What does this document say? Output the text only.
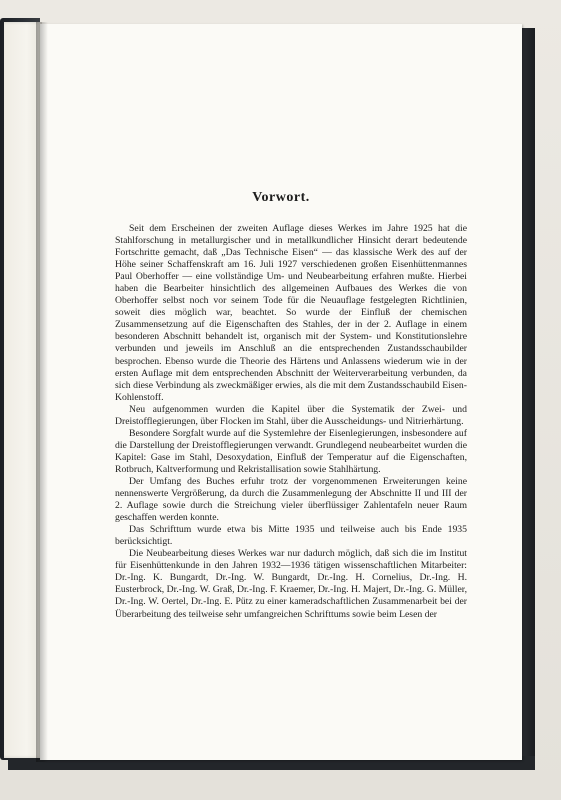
Vorwort.

Seit dem Erscheinen der zweiten Auflage dieses Werkes im Jahre 1925 hat die Stahlforschung in metallurgischer und in metallkundlicher Hinsicht derart bedeutende Fortschritte gemacht, daß „Das Technische Eisen“ — das klassische Werk des auf der Höhe seiner Schaffenskraft am 16. Juli 1927 verschiedenen großen Eisenhüttenmannes Paul Oberhoffer — eine vollständige Um- und Neubearbeitung erfahren mußte. Hierbei haben die Bearbeiter hinsichtlich des allgemeinen Aufbaues des Werkes die von Oberhoffer selbst noch vor seinem Tode für die Neuauflage festgelegten Richtlinien, soweit dies möglich war, beachtet. So wurde der Einfluß der chemischen Zusammensetzung auf die Eigenschaften des Stahles, der in der 2. Auflage in einem besonderen Abschnitt behandelt ist, organisch mit der System- und Konstitutionslehre verbunden und jeweils im Anschluß an die entsprechenden Zustandsschaubilder besprochen. Ebenso wurde die Theorie des Härtens und Anlassens wiederum wie in der ersten Auflage mit dem entsprechenden Abschnitt der Weiterverarbeitung verbunden, da sich diese Verbindung als zweckmäßiger erwies, als die mit dem Zustandsschaubild Eisen-Kohlenstoff.

Neu aufgenommen wurden die Kapitel über die Systematik der Zwei- und Dreistofflegierungen, über Flocken im Stahl, über die Ausscheidungs- und Nitrierhärtung.

Besondere Sorgfalt wurde auf die Systemlehre der Eisenlegierungen, insbesondere auf die Darstellung der Dreistofflegierungen verwandt. Grundlegend neubearbeitet wurden die Kapitel: Gase im Stahl, Desoxydation, Einfluß der Temperatur auf die Eigenschaften, Rotbruch, Kaltverformung und Rekristallisation sowie Stahlhärtung.

Der Umfang des Buches erfuhr trotz der vorgenommenen Erweiterungen keine nennenswerte Vergrößerung, da durch die Zusammenlegung der Abschnitte II und III der 2. Auflage sowie durch die Streichung vieler überflüssiger Zahlentafeln neuer Raum geschaffen werden konnte.

Das Schrifttum wurde etwa bis Mitte 1935 und teilweise auch bis Ende 1935 berücksichtigt.

Die Neubearbeitung dieses Werkes war nur dadurch möglich, daß sich die im Institut für Eisenhüttenkunde in den Jahren 1932—1936 tätigen wissenschaftlichen Mitarbeiter: Dr.-Ing. K. Bungardt, Dr.-Ing. W. Bungardt, Dr.-Ing. H. Cornelius, Dr.-Ing. H. Eusterbrock, Dr.-Ing. W. Graß, Dr.-Ing. F. Kraemer, Dr.-Ing. H. Majert, Dr.-Ing. G. Müller, Dr.-Ing. W. Oertel, Dr.-Ing. E. Pütz zu einer kameradschaftlichen Zusammenarbeit bei der Überarbeitung des teilweise sehr umfangreichen Schrifttums sowie beim Lesen der
